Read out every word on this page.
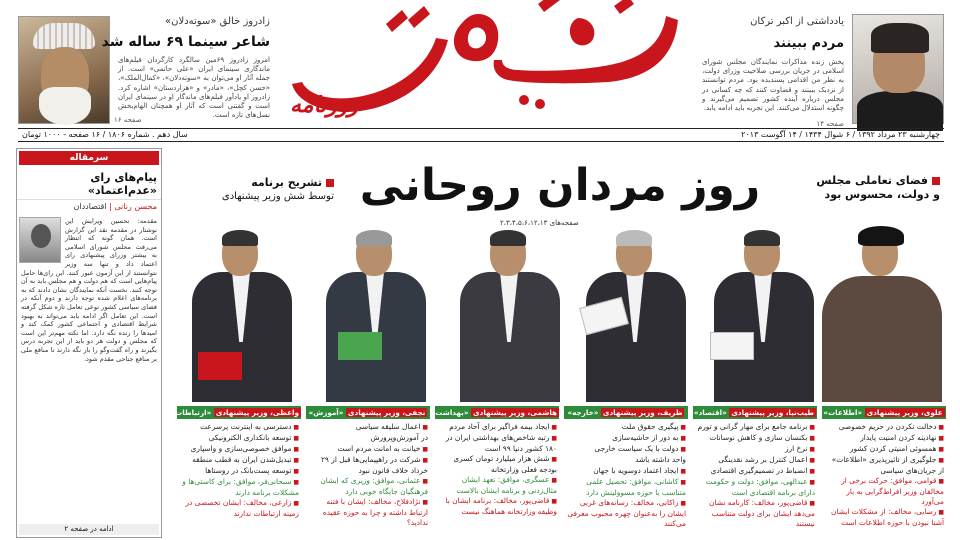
زادروز خالق «سوته‌دلان»
شاعر سینما ۶۹ ساله شد
امروز زادروز ۶۹مین سالگرد کارگردان فیلم‌های ماندگاری سینمای ایران «علی حاتمی» است. از جمله آثار او می‌توان به «سوته‌دلان»، «کمال‌الملک»، «حسن کچل»، «مادر» و «هزاردستان» اشاره کرد. زادروز او یادآور فیلم‌های ماندگار او در سینمای ایران است و گفتنی است که آثار او همچنان الهام‌بخش نسل‌های تازه است.
صفحه ۱۶
روزنامه
یادداشتی از اکبر ترکان
مردم ببینند
پخش زنده مذاکرات نمایندگان مجلس شورای اسلامی در جریان بررسی صلاحیت وزرای دولت، به نظر من اقدامی پسندیده بود. مردم توانستند از نزدیک ببینند و قضاوت کنند که چه کسانی در مجلس درباره آینده کشور تصمیم می‌گیرند و چگونه استدلال می‌کنند. این تجربه باید ادامه یابد.
صفحه ۱۴
چهارشنبه ۲۳ مرداد ۱۳۹۲ / ۶ شوال ۱۴۳۴ / ۱۴ آگوست ۲۰۱۳
سال دهم . شماره ۱۸۰۶ / ۱۶ صفحه - ۱۰۰۰ تومان
سرمقاله
پیام‌های رای «عدم‌اعتماد»
محسن رنانی | اقتصاددان
مقدمه: تحسین ویرایش این نوشتار در مقدمه نقد این گزارش است. همان گونه که انتظار می‌رفت مجلس شورای اسلامی به بیشتر وزرای پیشنهادی رای اعتماد داد و تنها سه وزیر نتوانستند از این آزمون عبور کنند. این رای‌ها حامل پیام‌هایی است که هم دولت و هم مجلس باید به آن توجه کنند. نخست آنکه نمایندگان نشان دادند که به برنامه‌های اعلام شده توجه دارند و دوم آنکه در فضای سیاسی کشور نوعی تعامل تازه شکل گرفته است. این تعامل اگر ادامه یابد می‌تواند به بهبود شرایط اقتصادی و اجتماعی کشور کمک کند و امیدها را زنده نگه دارد. اما نکته مهم‌تر این است که مجلس و دولت هر دو باید از این تجربه درس بگیرند و راه گفت‌وگو را باز نگه دارند تا منافع ملی بر منافع جناحی مقدم شود.
ادامه در صفحه ۲
تشریح برنامه
توسط شش وزیر پیشنهادی روز مردان روحانی
صفحه‌های ۲،۳،۴،۵،۶،۱۲،۱۳
فضای تعاملی مجلس
و دولت، محسوس بود
علوی، وزیر پیشنهادی «اطلاعات»
■ دخالت نکردن در حریم خصوصی
■ نهادینه کردن امنیت پایدار
■ همسوئی امنیتی کردن کشور
■ جلوگیری از تاثیرپذیری «اطلاعات» از جریان‌های سیاسی
■ قوامی، موافق: حرکت برخی از مخالفان وزیر افراط‌گرایی به بار می‌آورد
■ رسایی، مخالف: از مشکلات ایشان آشنا نبودن با حوزه اطلاعات است
طیب‌نیا، وزیر پیشنهادی «اقتصاد»
■ برنامه جامع برای مهار گرانی و تورم
■ بکنسان سازی و کاهش نوسانات
■ نرخ ارز
■ اعمال کنترل بر رشد نقدینگی
■ انضباط در تصمیم‌گیری اقتصادی
■ عبدالهی، موافق: دولت و حکومت دارای برنامه اقتصادی است
■ قاضی‌پور، مخالف: کارنامه نشان می‌دهد ایشان برای دولت متناسب نیستند
ظریف، وزیر پیشنهادی «خارجه»
■ پیگیری حقوق ملت
■ به دور از حاشیه‌سازی
■ دولت با یک سیاست خارجی
واحد داشته باشد
■ ایجاد اعتماد دوسویه با جهان
■ کاشانی، موافق: تحصیل علمی متناسب با حوزه مسوولیتش دارد
■ زاکانی، مخالف: رسانه‌های غربی ایشان را به‌عنوان چهره محبوب معرفی می‌کنند
هاشمی، وزیر پیشنهادی «بهداشت»
■ ایجاد بیمه فراگیر برای آحاد مردم
■ رتبه شاخص‌های بهداشتی ایران در ۱۸۰ کشور دنیا ۹۹ است
■ شش هزار میلیارد تومان کسری بودجه فعلی وزارتخانه
■ عسگری، موافق: تعهد ایشان مثال‌زدنی و برنامه ایشان بالاست
■ قاضی‌پور، مخالف: برنامه ایشان با وظیفه وزارتخانه هماهنگ نیست
نجفی، وزیر پیشنهادی «آموزش»
■ اعمال سلیقه سیاسی
در آموزش‌وپرورش
■ خیانت به امانت مردم است
■ شرکت در راهپیمایی‌ها قبل از ۲۹ خرداد خلاف قانون نبود
■ عثمانی، موافق: وزیری که ایشان فرهنگیان جایگاه خوبی دارد
■ نژادفلاح، مخالف: ایشان با فتنه ارتباط داشته و چرا به حوزه عقیده ندادید؟
واعظی، وزیر پیشنهادی «ارتباطات»
■ دسترسی به اینترنت پرسرعت
■ توسعه بانکداری الکترونیکی
■ موافق خصوصی‌سازی و واسپاری
■ تبدیل‌شدن ایران به قطب منطقه
■ توسعه پست‌بانک در روستاها
■ سبحانی‌فر، موافق: برای کاستی‌ها و مشکلات برنامه دارند
■ زارعی، مخالف: ایشان تخصصی در زمینه ارتباطات ندارند
